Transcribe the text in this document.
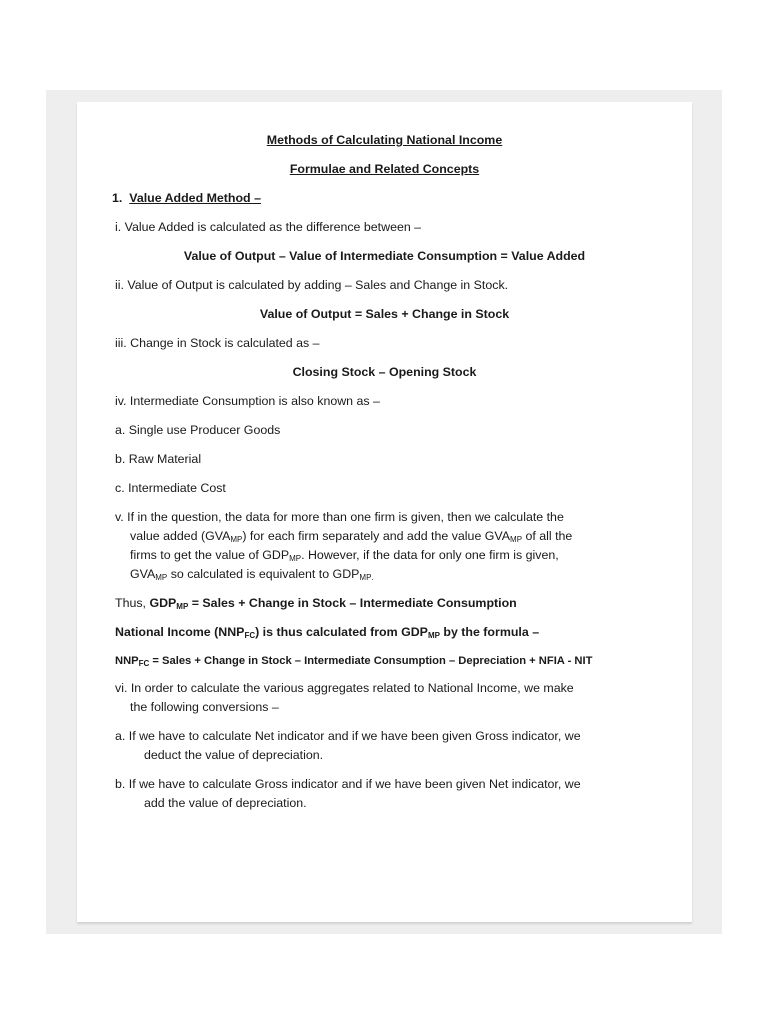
Methods of Calculating National Income
Formulae and Related Concepts
1. Value Added Method –
i. Value Added is calculated as the difference between –
Value of Output – Value of Intermediate Consumption = Value Added
ii. Value of Output is calculated by adding – Sales and Change in Stock.
Value of Output = Sales + Change in Stock
iii. Change in Stock is calculated as –
Closing Stock – Opening Stock
iv. Intermediate Consumption is also known as –
a. Single use Producer Goods
b. Raw Material
c. Intermediate Cost
v. If in the question, the data for more than one firm is given, then we calculate the
value added $(GVA_{MP})$ for each firm separately and add the value $GVA_{MP}$ of all the
firms to get the value of $GDP_{MP}$. However, if the data for only one firm is given,
$GVA_{MP}$ so calculated is equivalent to $GDP_{MP.}$
Thus, $GDP_{MP}$ = Sales + Change in Stock – Intermediate Consumption
National Income $(NNP_{FC})$ is thus calculated from $GDP_{MP}$ by the formula –
$NNP_{FC}$ = Sales + Change in Stock – Intermediate Consumption – Depreciation + NFIA - NIT
vi. In order to calculate the various aggregates related to National Income, we make
the following conversions –
a. If we have to calculate Net indicator and if we have been given Gross indicator, we
deduct the value of depreciation.
b. If we have to calculate Gross indicator and if we have been given Net indicator, we
add the value of depreciation.
